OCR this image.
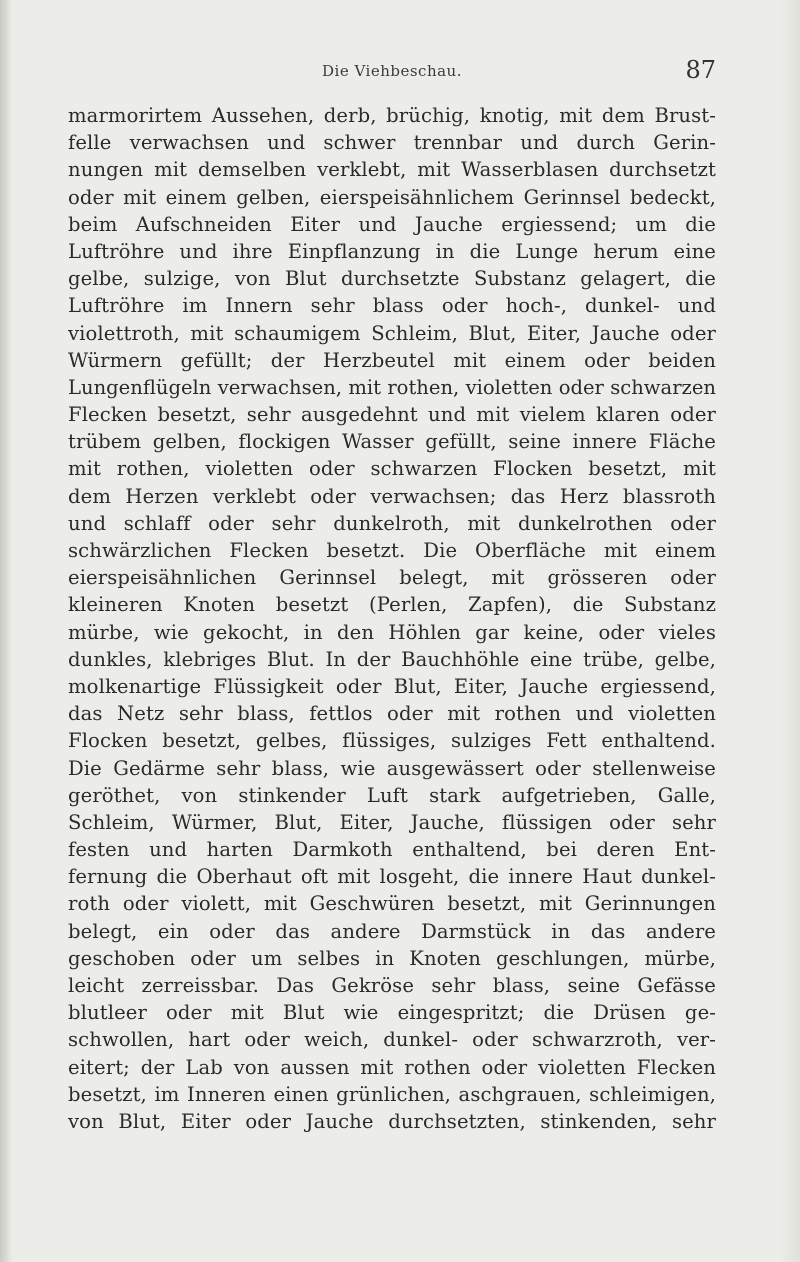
Die Viehbeschau.	87
marmorirtem Aussehen, derb, brüchig, knotig, mit dem Brust-
felle verwachsen und schwer trennbar und durch Gerin-
nungen mit demselben verklebt, mit Wasserblasen durchsetzt
oder mit einem gelben, eierspeisähnlichem Gerinnsel bedeckt,
beim Aufschneiden Eiter und Jauche ergiessend; um die
Luftröhre und ihre Einpflanzung in die Lunge herum eine
gelbe, sulzige, von Blut durchsetzte Substanz gelagert, die
Luftröhre im Innern sehr blass oder hoch-, dunkel- und
violettroth, mit schaumigem Schleim, Blut, Eiter, Jauche oder
Würmern gefüllt; der Herzbeutel mit einem oder beiden
Lungenflügeln verwachsen, mit rothen, violetten oder schwarzen
Flecken besetzt, sehr ausgedehnt und mit vielem klaren oder
trübem gelben, flockigen Wasser gefüllt, seine innere Fläche
mit rothen, violetten oder schwarzen Flocken besetzt, mit
dem Herzen verklebt oder verwachsen; das Herz blassroth
und schlaff oder sehr dunkelroth, mit dunkelrothen oder
schwärzlichen Flecken besetzt. Die Oberfläche mit einem
eierspeisähnlichen Gerinnsel belegt, mit grösseren oder
kleineren Knoten besetzt (Perlen, Zapfen), die Substanz
mürbe, wie gekocht, in den Höhlen gar keine, oder vieles
dunkles, klebriges Blut. In der Bauchhöhle eine trübe, gelbe,
molkenartige Flüssigkeit oder Blut, Eiter, Jauche ergiessend,
das Netz sehr blass, fettlos oder mit rothen und violetten
Flocken besetzt, gelbes, flüssiges, sulziges Fett enthaltend.
Die Gedärme sehr blass, wie ausgewässert oder stellenweise
geröthet, von stinkender Luft stark aufgetrieben, Galle,
Schleim, Würmer, Blut, Eiter, Jauche, flüssigen oder sehr
festen und harten Darmkoth enthaltend, bei deren Ent-
fernung die Oberhaut oft mit losgeht, die innere Haut dunkel-
roth oder violett, mit Geschwüren besetzt, mit Gerinnungen
belegt, ein oder das andere Darmstück in das andere
geschoben oder um selbes in Knoten geschlungen, mürbe,
leicht zerreissbar. Das Gekröse sehr blass, seine Gefässe
blutleer oder mit Blut wie eingespritzt; die Drüsen ge-
schwollen, hart oder weich, dunkel- oder schwarzroth, ver-
eitert; der Lab von aussen mit rothen oder violetten Flecken
besetzt, im Inneren einen grünlichen, aschgrauen, schleimigen,
von Blut, Eiter oder Jauche durchsetzten, stinkenden, sehr
